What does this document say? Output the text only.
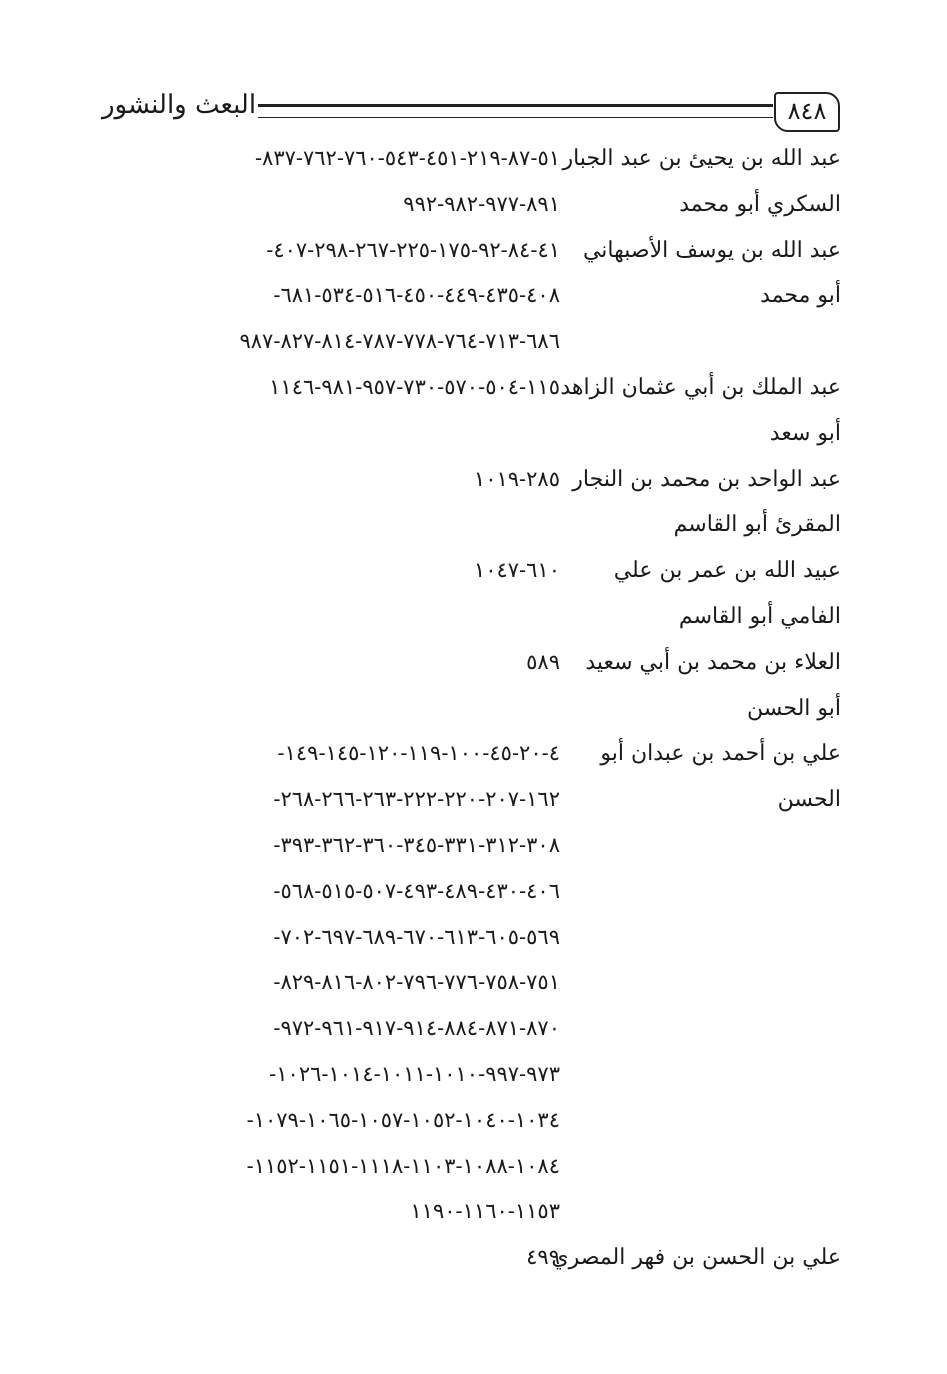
٨٤٨
البعث والنشور
عبد الله بن يحيئ بن عبد الجبار
٥١-٨٧-٢١٩-٤٥١-٥٤٣-٧٦٠-٧٦٢-٨٣٧-
السكري أبو محمد
٨٩١-٩٧٧-٩٨٢-٩٩٢
عبد الله بن يوسف الأصبهاني
٤١-٨٤-٩٢-١٧٥-٢٢٥-٢٦٧-٢٩٨-٤٠٧-
أبو محمد
٤٠٨-٤٣٥-٤٤٩-٤٥٠-٥١٦-٥٣٤-٦٨١-
٦٨٦-٧١٣-٧٦٤-٧٧٨-٧٨٧-٨١٤-٨٢٧-٩٨٧
عبد الملك بن أبي عثمان الزاهد
١١٥-٥٠٤-٥٧٠-٧٣٠-٩٥٧-٩٨١-١١٤٦
أبو سعد
عبد الواحد بن محمد بن النجار
٢٨٥-١٠١٩
المقرئ أبو القاسم
عبيد الله بن عمر بن علي
٦١٠-١٠٤٧
الفامي أبو القاسم
العلاء بن محمد بن أبي سعيد
٥٨٩
أبو الحسن
علي بن أحمد بن عبدان أبو
٤-٢٠-٤٥-١٠٠-١١٩-١٢٠-١٤٥-١٤٩-
الحسن
١٦٢-٢٠٧-٢٢٠-٢٢٢-٢٦٣-٢٦٦-٢٦٨-
٣٠٨-٣١٢-٣٣١-٣٤٥-٣٦٠-٣٦٢-٣٩٣-
٤٠٦-٤٣٠-٤٨٩-٤٩٣-٥٠٧-٥١٥-٥٦٨-
٥٦٩-٦٠٥-٦١٣-٦٧٠-٦٨٩-٦٩٧-٧٠٢-
٧٥١-٧٥٨-٧٧٦-٧٩٦-٨٠٢-٨١٦-٨٢٩-
٨٧٠-٨٧١-٨٨٤-٩١٤-٩١٧-٩٦١-٩٧٢-
٩٧٣-٩٩٧-١٠١٠-١٠١١-١٠١٤-١٠٢٦-
١٠٣٤-١٠٤٠-١٠٥٢-١٠٥٧-١٠٦٥-١٠٧٩-
١٠٨٤-١٠٨٨-١١٠٣-١١١٨-١١٥١-١١٥٢-
١١٥٣-١١٦٠-١١٩٠
علي بن الحسن بن فهر المصري
٤٩٩
